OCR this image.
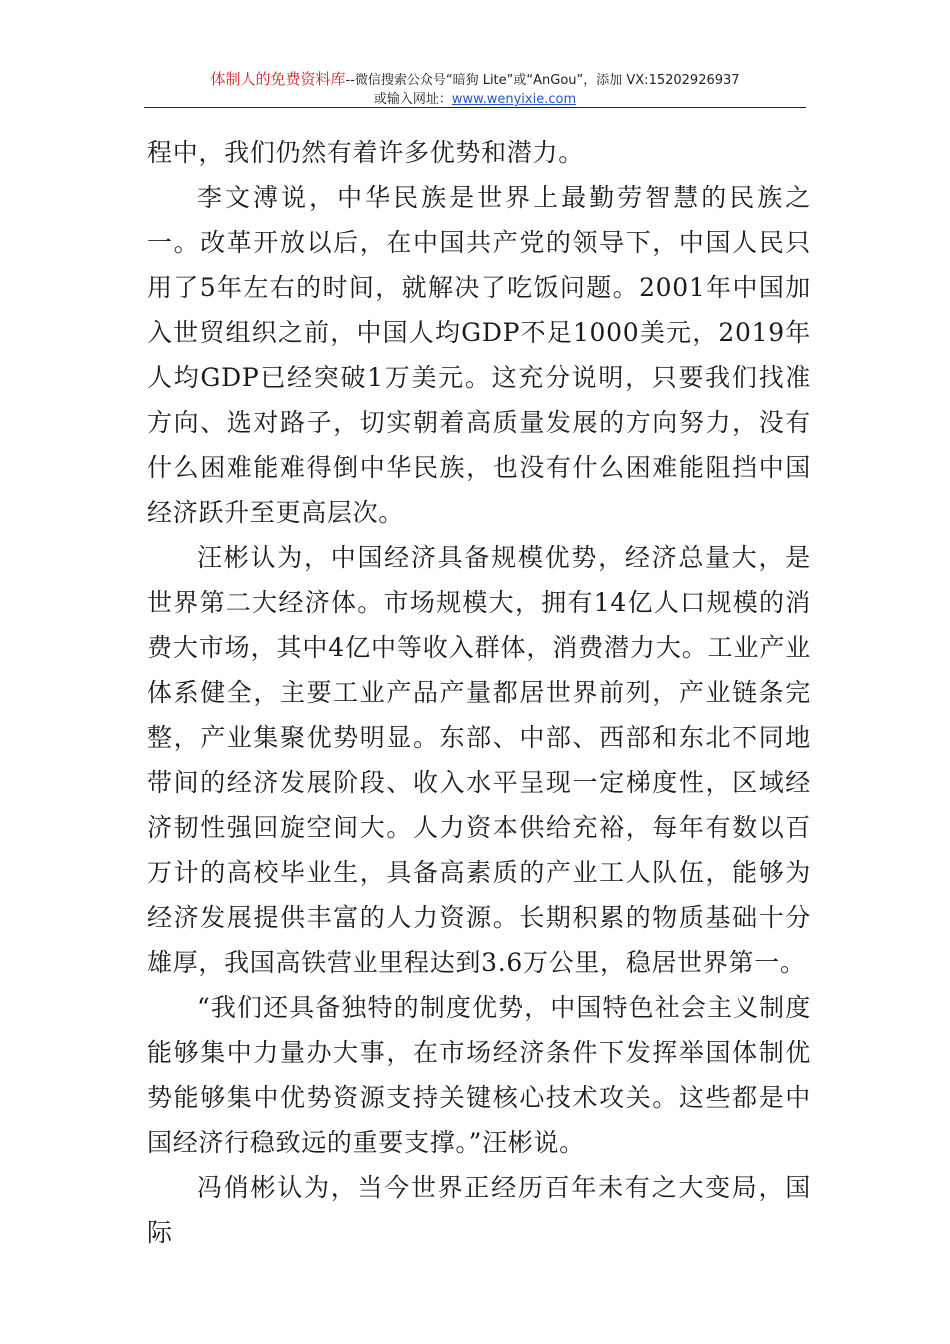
体制人的免费资料库--微信搜索公众号“暗狗 Lite”或“AnGou”，添加 VX:15202926937
或输入网址：www.wenyixie.com

程中，我们仍然有着许多优势和潜力。

李文溥说，中华民族是世界上最勤劳智慧的民族之一。改革开放以后，在中国共产党的领导下，中国人民只用了5年左右的时间，就解决了吃饭问题。2001年中国加入世贸组织之前，中国人均GDP不足1000美元，2019年人均GDP已经突破1万美元。这充分说明，只要我们找准方向、选对路子，切实朝着高质量发展的方向努力，没有什么困难能难得倒中华民族，也没有什么困难能阻挡中国经济跃升至更高层次。

汪彬认为，中国经济具备规模优势，经济总量大，是世界第二大经济体。市场规模大，拥有14亿人口规模的消费大市场，其中4亿中等收入群体，消费潜力大。工业产业体系健全，主要工业产品产量都居世界前列，产业链条完整，产业集聚优势明显。东部、中部、西部和东北不同地带间的经济发展阶段、收入水平呈现一定梯度性，区域经济韧性强回旋空间大。人力资本供给充裕，每年有数以百万计的高校毕业生，具备高素质的产业工人队伍，能够为经济发展提供丰富的人力资源。长期积累的物质基础十分雄厚，我国高铁营业里程达到3.6万公里，稳居世界第一。

“我们还具备独特的制度优势，中国特色社会主义制度能够集中力量办大事，在市场经济条件下发挥举国体制优势能够集中优势资源支持关键核心技术攻关。这些都是中国经济行稳致远的重要支撑。”汪彬说。

冯俏彬认为，当今世界正经历百年未有之大变局，国际
